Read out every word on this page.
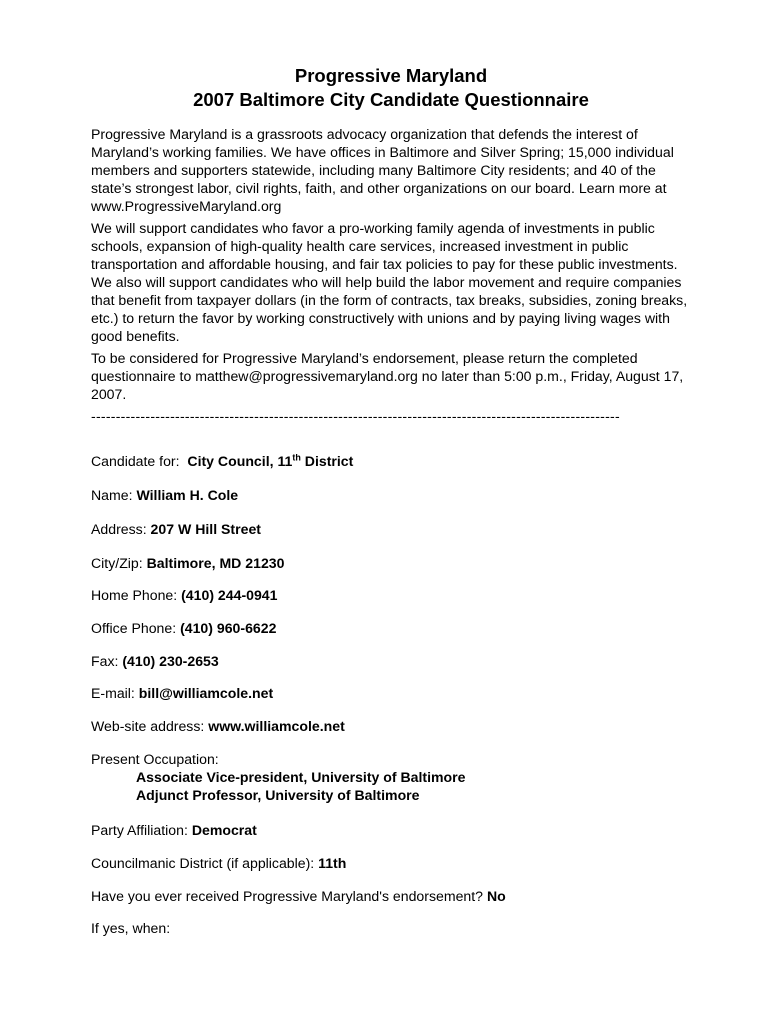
Progressive Maryland
2007 Baltimore City Candidate Questionnaire

Progressive Maryland is a grassroots advocacy organization that defends the interest of Maryland’s working families. We have offices in Baltimore and Silver Spring; 15,000 individual members and supporters statewide, including many Baltimore City residents; and 40 of the state’s strongest labor, civil rights, faith, and other organizations on our board. Learn more at www.ProgressiveMaryland.org

We will support candidates who favor a pro-working family agenda of investments in public schools, expansion of high-quality health care services, increased investment in public transportation and affordable housing, and fair tax policies to pay for these public investments. We also will support candidates who will help build the labor movement and require companies that benefit from taxpayer dollars (in the form of contracts, tax breaks, subsidies, zoning breaks, etc.) to return the favor by working constructively with unions and by paying living wages with good benefits.

To be considered for Progressive Maryland’s endorsement, please return the completed questionnaire to matthew@progressivemaryland.org no later than 5:00 p.m., Friday, August 17, 2007.

-----------------------------------------------------------------------------------------------------------

Candidate for: City Council, 11th District
Name: William H. Cole
Address: 207 W Hill Street
City/Zip: Baltimore, MD 21230
Home Phone: (410) 244-0941
Office Phone: (410) 960-6622
Fax: (410) 230-2653
E-mail: bill@williamcole.net
Web-site address: www.williamcole.net
Present Occupation:
Associate Vice-president, University of Baltimore
Adjunct Professor, University of Baltimore
Party Affiliation: Democrat
Councilmanic District (if applicable): 11th
Have you ever received Progressive Maryland's endorsement? No
If yes, when:
